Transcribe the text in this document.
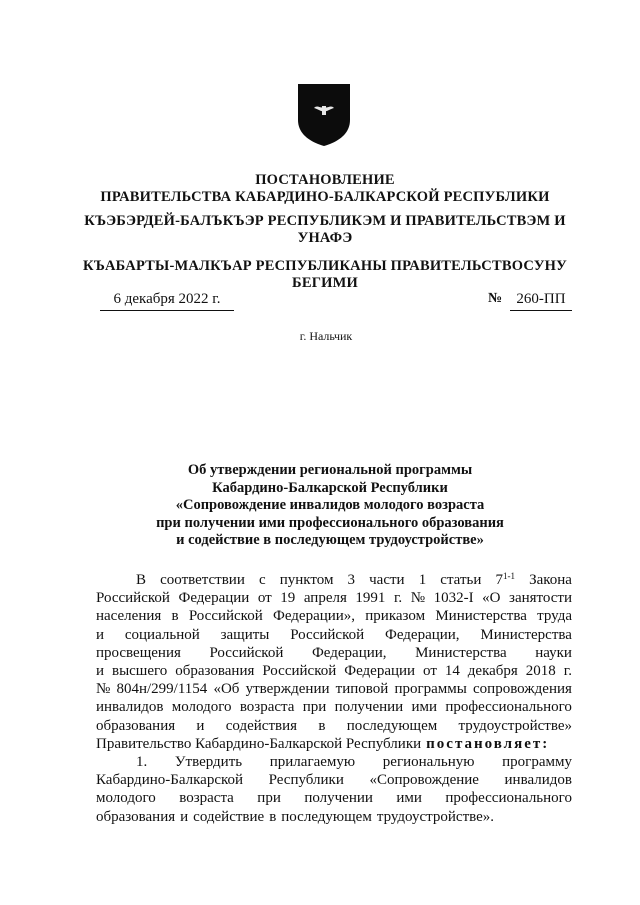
ПОСТАНОВЛЕНИЕ
ПРАВИТЕЛЬСТВА КАБАРДИНО-БАЛКАРСКОЙ РЕСПУБЛИКИ
КЪЭБЭРДЕЙ-БАЛЪКЪЭР РЕСПУБЛИКЭМ И ПРАВИТЕЛЬСТВЭМ И
УНАФЭ
КЪАБАРТЫ-МАЛКЪАР РЕСПУБЛИКАНЫ ПРАВИТЕЛЬСТВОСУНУ
БЕГИМИ
6 декабря 2022 г.	№ 260-ПП
г. Нальчик
Об утверждении региональной программы
Кабардино-Балкарской Республики
«Сопровождение инвалидов молодого возраста
при получении ими профессионального образования
и содействие в последующем трудоустройстве»
В соответствии с пунктом 3 части 1 статьи 7$^{1-1}$ Закона
Российской Федерации от 19 апреля 1991 г. № 1032-I «О занятости
населения в Российской Федерации», приказом Министерства труда
и социальной защиты Российской Федерации, Министерства
просвещения Российской Федерации, Министерства науки
и высшего образования Российской Федерации от 14 декабря 2018 г.
№ 804н/299/1154 «Об утверждении типовой программы сопровождения
инвалидов молодого возраста при получении ими профессионального
образования и содействия в последующем трудоустройстве»
Правительство Кабардино-Балкарской Республики постановляет:
1. Утвердить прилагаемую региональную программу
Кабардино-Балкарской Республики «Сопровождение инвалидов
молодого возраста при получении ими профессионального
образования и содействие в последующем трудоустройстве».
